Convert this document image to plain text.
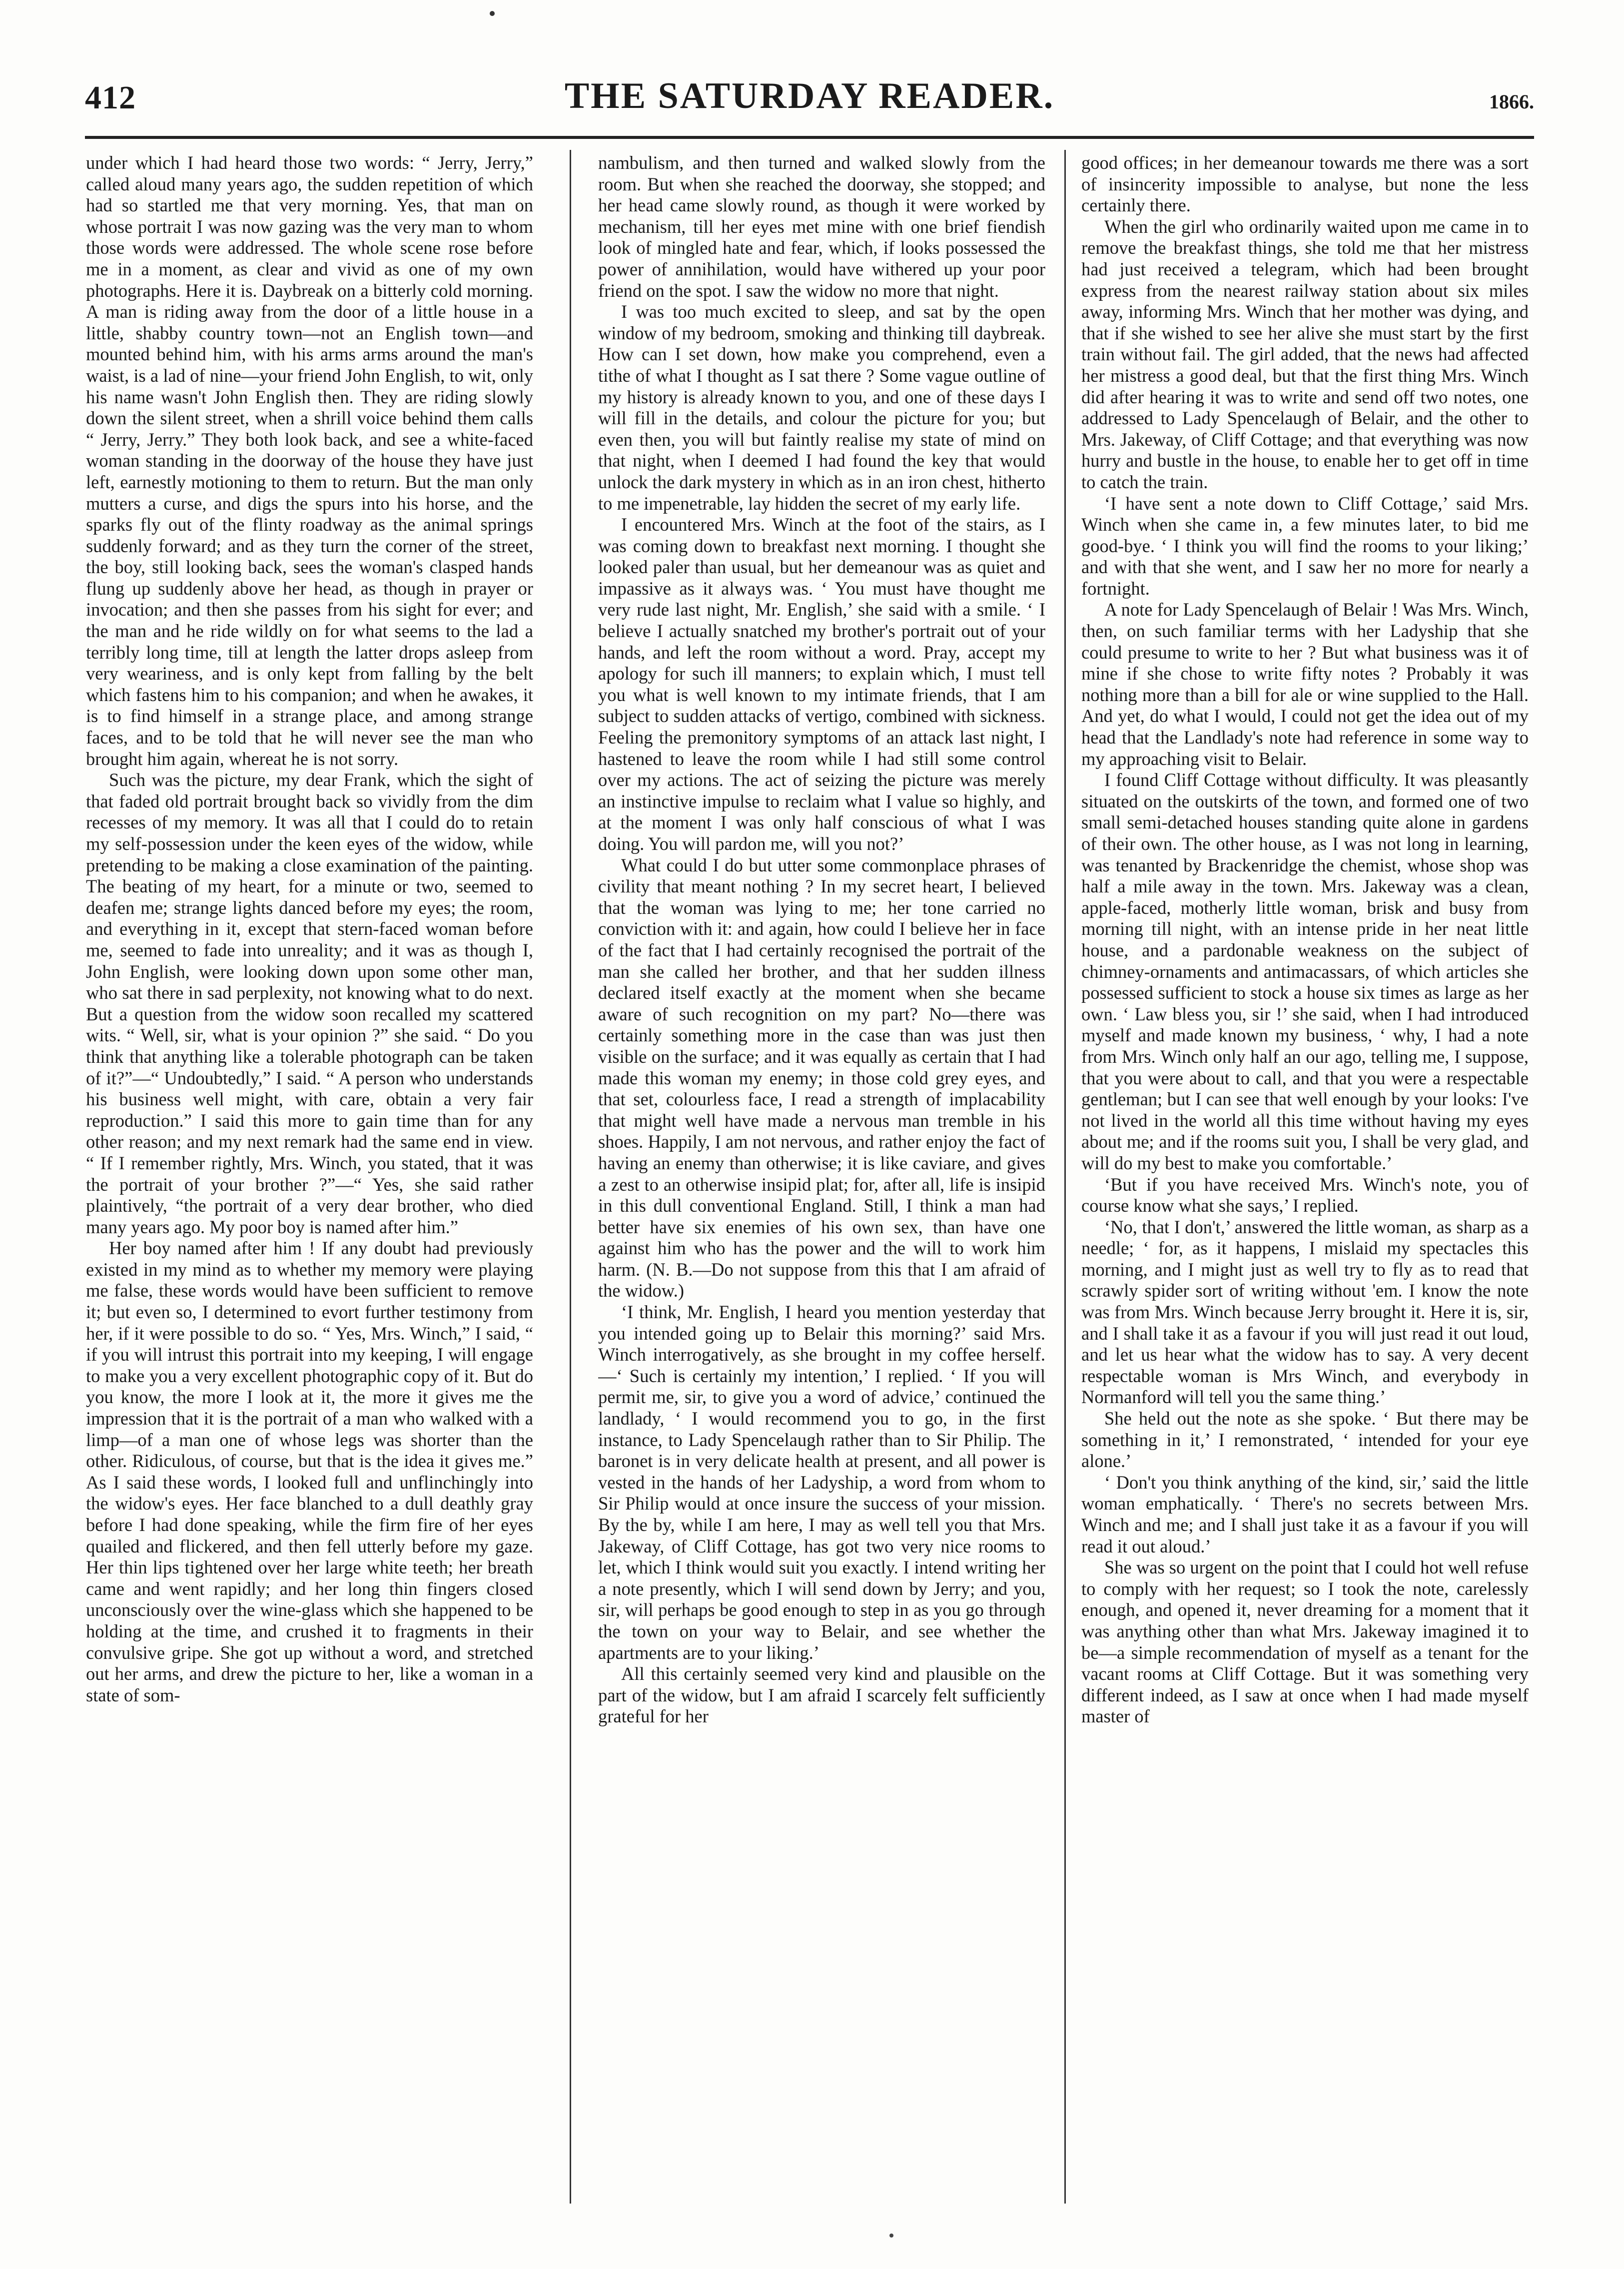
412	THE SATURDAY READER.	1866.

under which I had heard those two words: “ Jerry, Jerry,” called aloud many years ago, the sudden repetition of which had so startled me that very morning. Yes, that man on whose portrait I was now gazing was the very man to whom those words were addressed. The whole scene rose before me in a moment, as clear and vivid as one of my own photographs. Here it is. Daybreak on a bitterly cold morning. A man is riding away from the door of a little house in a little, shabby country town—not an English town—and mounted behind him, with his arms arms around the man's waist, is a lad of nine—your friend John English, to wit, only his name wasn't John English then. They are riding slowly down the silent street, when a shrill voice behind them calls “ Jerry, Jerry.” They both look back, and see a white-faced woman standing in the doorway of the house they have just left, earnestly motioning to them to return. But the man only mutters a curse, and digs the spurs into his horse, and the sparks fly out of the flinty roadway as the animal springs suddenly forward; and as they turn the corner of the street, the boy, still looking back, sees the woman's clasped hands flung up suddenly above her head, as though in prayer or invocation; and then she passes from his sight for ever; and the man and he ride wildly on for what seems to the lad a terribly long time, till at length the latter drops asleep from very weariness, and is only kept from falling by the belt which fastens him to his companion; and when he awakes, it is to find himself in a strange place, and among strange faces, and to be told that he will never see the man who brought him again, whereat he is not sorry.

Such was the picture, my dear Frank, which the sight of that faded old portrait brought back so vividly from the dim recesses of my memory. It was all that I could do to retain my self-possession under the keen eyes of the widow, while pretending to be making a close examination of the painting. The beating of my heart, for a minute or two, seemed to deafen me; strange lights danced before my eyes; the room, and everything in it, except that stern-faced woman before me, seemed to fade into unreality; and it was as though I, John English, were looking down upon some other man, who sat there in sad perplexity, not knowing what to do next. But a question from the widow soon recalled my scattered wits. “ Well, sir, what is your opinion ?” she said. “ Do you think that anything like a tolerable photograph can be taken of it?”—“ Undoubtedly,” I said. “ A person who understands his business well might, with care, obtain a very fair reproduction.” I said this more to gain time than for any other reason; and my next remark had the same end in view. “ If I remember rightly, Mrs. Winch, you stated, that it was the portrait of your brother ?”—“ Yes, she said rather plaintively, “the portrait of a very dear brother, who died many years ago. My poor boy is named after him.”

Her boy named after him ! If any doubt had previously existed in my mind as to whether my memory were playing me false, these words would have been sufficient to remove it; but even so, I determined to evort further testimony from her, if it were possible to do so. “ Yes, Mrs. Winch,” I said, “ if you will intrust this portrait into my keeping, I will engage to make you a very excellent photographic copy of it. But do you know, the more I look at it, the more it gives me the impression that it is the portrait of a man who walked with a limp—of a man one of whose legs was shorter than the other. Ridiculous, of course, but that is the idea it gives me.” As I said these words, I looked full and unflinchingly into the widow's eyes. Her face blanched to a dull deathly gray before I had done speaking, while the firm fire of her eyes quailed and flickered, and then fell utterly before my gaze. Her thin lips tightened over her large white teeth; her breath came and went rapidly; and her long thin fingers closed unconsciously over the wine-glass which she happened to be holding at the time, and crushed it to fragments in their convulsive gripe. She got up without a word, and stretched out her arms, and drew the picture to her, like a woman in a state of som-

nambulism, and then turned and walked slowly from the room. But when she reached the doorway, she stopped; and her head came slowly round, as though it were worked by mechanism, till her eyes met mine with one brief fiendish look of mingled hate and fear, which, if looks possessed the power of annihilation, would have withered up your poor friend on the spot. I saw the widow no more that night.

I was too much excited to sleep, and sat by the open window of my bedroom, smoking and thinking till daybreak. How can I set down, how make you comprehend, even a tithe of what I thought as I sat there ? Some vague outline of my history is already known to you, and one of these days I will fill in the details, and colour the picture for you; but even then, you will but faintly realise my state of mind on that night, when I deemed I had found the key that would unlock the dark mystery in which as in an iron chest, hitherto to me impenetrable, lay hidden the secret of my early life.

I encountered Mrs. Winch at the foot of the stairs, as I was coming down to breakfast next morning. I thought she looked paler than usual, but her demeanour was as quiet and impassive as it always was. ‘ You must have thought me very rude last night, Mr. English,’ she said with a smile. ‘ I believe I actually snatched my brother's portrait out of your hands, and left the room without a word. Pray, accept my apology for such ill manners; to explain which, I must tell you what is well known to my intimate friends, that I am subject to sudden attacks of vertigo, combined with sickness. Feeling the premonitory symptoms of an attack last night, I hastened to leave the room while I had still some control over my actions. The act of seizing the picture was merely an instinctive impulse to reclaim what I value so highly, and at the moment I was only half conscious of what I was doing. You will pardon me, will you not?’

What could I do but utter some commonplace phrases of civility that meant nothing ? In my secret heart, I believed that the woman was lying to me; her tone carried no conviction with it: and again, how could I believe her in face of the fact that I had certainly recognised the portrait of the man she called her brother, and that her sudden illness declared itself exactly at the moment when she became aware of such recognition on my part? No—there was certainly something more in the case than was just then visible on the surface; and it was equally as certain that I had made this woman my enemy; in those cold grey eyes, and that set, colourless face, I read a strength of implacability that might well have made a nervous man tremble in his shoes. Happily, I am not nervous, and rather enjoy the fact of having an enemy than otherwise; it is like caviare, and gives a zest to an otherwise insipid plat; for, after all, life is insipid in this dull conventional England. Still, I think a man had better have six enemies of his own sex, than have one against him who has the power and the will to work him harm. (N. B.—Do not suppose from this that I am afraid of the widow.)

‘I think, Mr. English, I heard you mention yesterday that you intended going up to Belair this morning?’ said Mrs. Winch interrogatively, as she brought in my coffee herself.—‘ Such is certainly my intention,’ I replied. ‘ If you will permit me, sir, to give you a word of advice,’ continued the landlady, ‘ I would recommend you to go, in the first instance, to Lady Spencelaugh rather than to Sir Philip. The baronet is in very delicate health at present, and all power is vested in the hands of her Ladyship, a word from whom to Sir Philip would at once insure the success of your mission. By the by, while I am here, I may as well tell you that Mrs. Jakeway, of Cliff Cottage, has got two very nice rooms to let, which I think would suit you exactly. I intend writing her a note presently, which I will send down by Jerry; and you, sir, will perhaps be good enough to step in as you go through the town on your way to Belair, and see whether the apartments are to your liking.’

All this certainly seemed very kind and plausible on the part of the widow, but I am afraid I scarcely felt sufficiently grateful for her

good offices; in her demeanour towards me there was a sort of insincerity impossible to analyse, but none the less certainly there.

When the girl who ordinarily waited upon me came in to remove the breakfast things, she told me that her mistress had just received a telegram, which had been brought express from the nearest railway station about six miles away, informing Mrs. Winch that her mother was dying, and that if she wished to see her alive she must start by the first train without fail. The girl added, that the news had affected her mistress a good deal, but that the first thing Mrs. Winch did after hearing it was to write and send off two notes, one addressed to Lady Spencelaugh of Belair, and the other to Mrs. Jakeway, of Cliff Cottage; and that everything was now hurry and bustle in the house, to enable her to get off in time to catch the train.

‘I have sent a note down to Cliff Cottage,’ said Mrs. Winch when she came in, a few minutes later, to bid me good-bye. ‘ I think you will find the rooms to your liking;’ and with that she went, and I saw her no more for nearly a fortnight.

A note for Lady Spencelaugh of Belair ! Was Mrs. Winch, then, on such familiar terms with her Ladyship that she could presume to write to her ? But what business was it of mine if she chose to write fifty notes ? Probably it was nothing more than a bill for ale or wine supplied to the Hall. And yet, do what I would, I could not get the idea out of my head that the Landlady's note had reference in some way to my approaching visit to Belair.

I found Cliff Cottage without difficulty. It was pleasantly situated on the outskirts of the town, and formed one of two small semi-detached houses standing quite alone in gardens of their own. The other house, as I was not long in learning, was tenanted by Brackenridge the chemist, whose shop was half a mile away in the town. Mrs. Jakeway was a clean, apple-faced, motherly little woman, brisk and busy from morning till night, with an intense pride in her neat little house, and a pardonable weakness on the subject of chimney-ornaments and antimacassars, of which articles she possessed sufficient to stock a house six times as large as her own. ‘ Law bless you, sir !’ she said, when I had introduced myself and made known my business, ‘ why, I had a note from Mrs. Winch only half an our ago, telling me, I suppose, that you were about to call, and that you were a respectable gentleman; but I can see that well enough by your looks: I've not lived in the world all this time without having my eyes about me; and if the rooms suit you, I shall be very glad, and will do my best to make you comfortable.’

‘But if you have received Mrs. Winch's note, you of course know what she says,’ I replied.

‘No, that I don't,’ answered the little woman, as sharp as a needle; ‘ for, as it happens, I mislaid my spectacles this morning, and I might just as well try to fly as to read that scrawly spider sort of writing without 'em. I know the note was from Mrs. Winch because Jerry brought it. Here it is, sir, and I shall take it as a favour if you will just read it out loud, and let us hear what the widow has to say. A very decent respectable woman is Mrs Winch, and everybody in Normanford will tell you the same thing.’

She held out the note as she spoke. ‘ But there may be something in it,’ I remonstrated, ‘ intended for your eye alone.’

‘ Don't you think anything of the kind, sir,’ said the little woman emphatically. ‘ There's no secrets between Mrs. Winch and me; and I shall just take it as a favour if you will read it out aloud.’

She was so urgent on the point that I could hot well refuse to comply with her request; so I took the note, carelessly enough, and opened it, never dreaming for a moment that it was anything other than what Mrs. Jakeway imagined it to be—a simple recommendation of myself as a tenant for the vacant rooms at Cliff Cottage. But it was something very different indeed, as I saw at once when I had made myself master of
